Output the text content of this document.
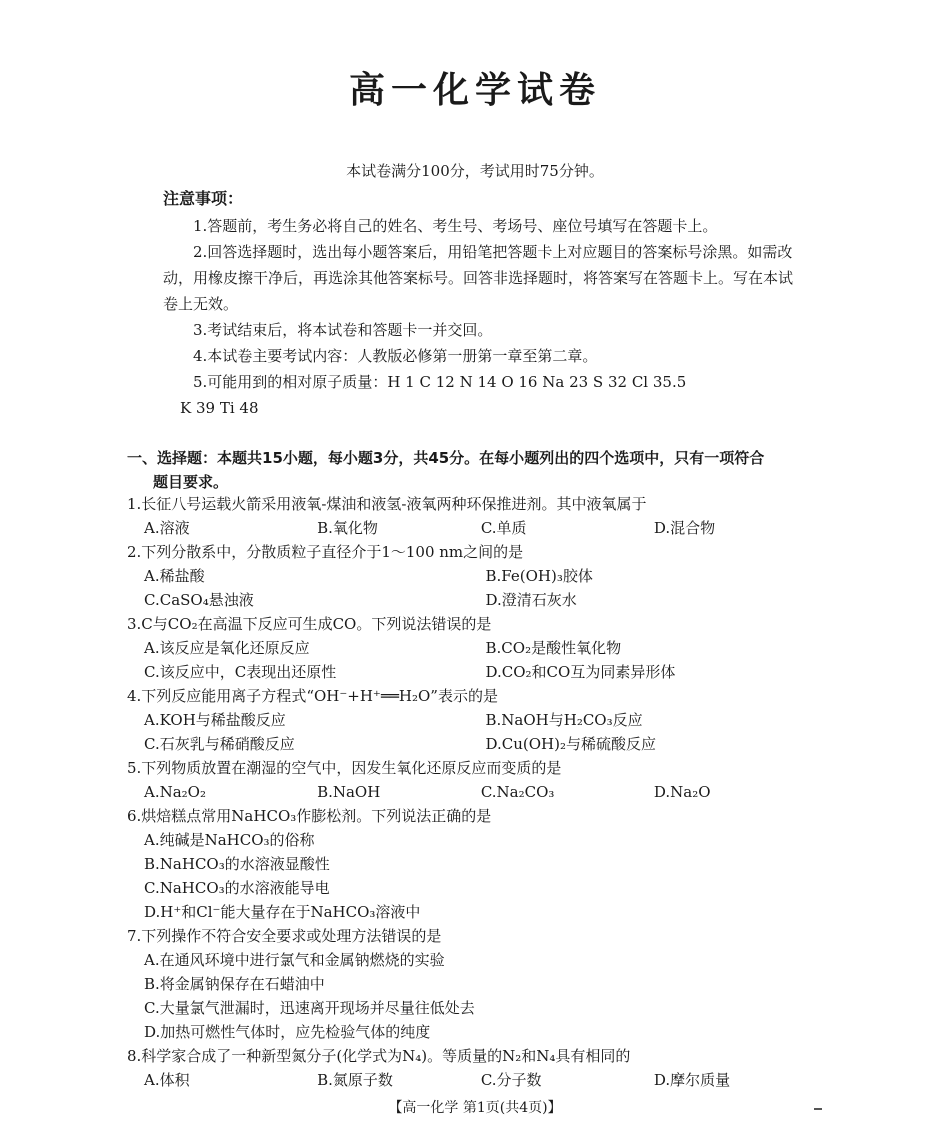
高一化学试卷
本试卷满分100分，考试用时75分钟。
注意事项：

1.答题前，考生务必将自己的姓名、考生号、考场号、座位号填写在答题卡上。

2.回答选择题时，选出每小题答案后，用铅笔把答题卡上对应题目的答案标号涂黑。如需改动，用橡皮擦干净后，再选涂其他答案标号。回答非选择题时，将答案写在答题卡上。写在本试卷上无效。

3.考试结束后，将本试卷和答题卡一并交回。

4.本试卷主要考试内容：人教版必修第一册第一章至第二章。

5.可能用到的相对原子质量：H 1 C 12 N 14 O 16 Na 23 S 32 Cl 35.5

K 39 Ti 48

一、选择题：本题共15小题，每小题3分，共45分。在每小题列出的四个选项中，只有一项符合
题目要求。
1.长征八号运载火箭采用液氧-煤油和液氢-液氧两种环保推进剂。其中液氧属于
A.溶液	B.氧化物	C.单质	D.混合物
2.下列分散系中，分散质粒子直径介于1～100 nm之间的是
A.稀盐酸	B.Fe(OH)₃胶体
C.CaSO₄悬浊液	D.澄清石灰水
3.C与CO₂在高温下反应可生成CO。下列说法错误的是
A.该反应是氧化还原反应	B.CO₂是酸性氧化物
C.该反应中，C表现出还原性	D.CO₂和CO互为同素异形体
4.下列反应能用离子方程式“OH⁻+H⁺══H₂O”表示的是
A.KOH与稀盐酸反应	B.NaOH与H₂CO₃反应
C.石灰乳与稀硝酸反应	D.Cu(OH)₂与稀硫酸反应
5.下列物质放置在潮湿的空气中，因发生氧化还原反应而变质的是
A.Na₂O₂	B.NaOH	C.Na₂CO₃	D.Na₂O
6.烘焙糕点常用NaHCO₃作膨松剂。下列说法正确的是
A.纯碱是NaHCO₃的俗称
B.NaHCO₃的水溶液显酸性
C.NaHCO₃的水溶液能导电
D.H⁺和Cl⁻能大量存在于NaHCO₃溶液中
7.下列操作不符合安全要求或处理方法错误的是
A.在通风环境中进行氯气和金属钠燃烧的实验
B.将金属钠保存在石蜡油中
C.大量氯气泄漏时，迅速离开现场并尽量往低处去
D.加热可燃性气体时，应先检验气体的纯度
8.科学家合成了一种新型氮分子(化学式为N₄)。等质量的N₂和N₄具有相同的
A.体积	B.氮原子数	C.分子数	D.摩尔质量
【高一化学 第1页(共4页)】
